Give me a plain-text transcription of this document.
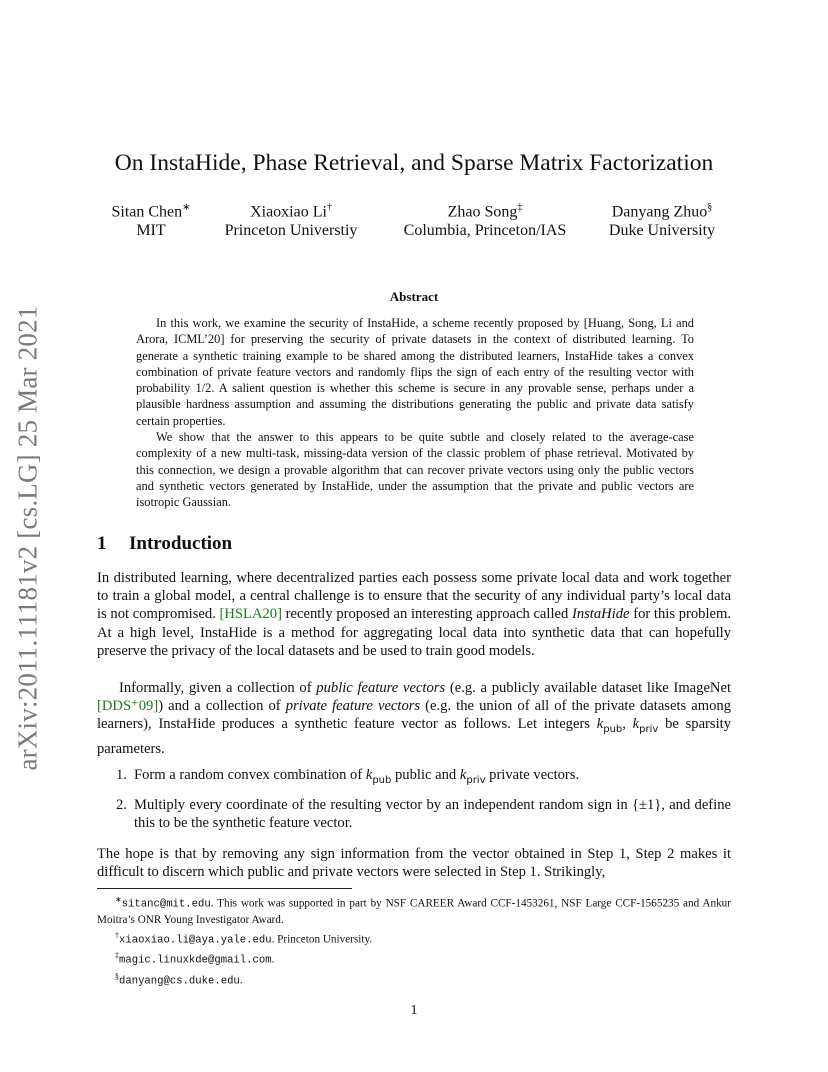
arXiv:2011.11181v2 [cs.LG] 25 Mar 2021
On InstaHide, Phase Retrieval, and Sparse Matrix Factorization
Sitan Chen∗
MIT
Xiaoxiao Li†
Princeton Universtiy
Zhao Song‡
Columbia, Princeton/IAS
Danyang Zhuo§
Duke University
Abstract

In this work, we examine the security of InstaHide, a scheme recently proposed by [Huang, Song, Li and Arora, ICML’20] for preserving the security of private datasets in the context of distributed learning. To generate a synthetic training example to be shared among the distributed learners, InstaHide takes a convex combination of private feature vectors and randomly flips the sign of each entry of the resulting vector with probability 1/2. A salient question is whether this scheme is secure in any provable sense, perhaps under a plausible hardness assumption and assuming the distributions generating the public and private data satisfy certain properties.

We show that the answer to this appears to be quite subtle and closely related to the average-case complexity of a new multi-task, missing-data version of the classic problem of phase retrieval. Motivated by this connection, we design a provable algorithm that can recover private vectors using only the public vectors and synthetic vectors generated by InstaHide, under the assumption that the private and public vectors are isotropic Gaussian.

1 Introduction

In distributed learning, where decentralized parties each possess some private local data and work together to train a global model, a central challenge is to ensure that the security of any individual party’s local data is not compromised. [HSLA20] recently proposed an interesting approach called InstaHide for this problem. At a high level, InstaHide is a method for aggregating local data into synthetic data that can hopefully preserve the privacy of the local datasets and be used to train good models.

Informally, given a collection of public feature vectors (e.g. a publicly available dataset like ImageNet [DDS⁺09]) and a collection of private feature vectors (e.g. the union of all of the private datasets among learners), InstaHide produces a synthetic feature vector as follows. Let integers $k_{pub}$, $k_{priv}$ be sparsity parameters.

1. Form a random convex combination of $k_{pub}$ public and $k_{priv}$ private vectors.
2. Multiply every coordinate of the resulting vector by an independent random sign in {±1}, and define this to be the synthetic feature vector.

The hope is that by removing any sign information from the vector obtained in Step 1, Step 2 makes it difficult to discern which public and private vectors were selected in Step 1. Strikingly,

∗sitanc@mit.edu. This work was supported in part by NSF CAREER Award CCF-1453261, NSF Large CCF-1565235 and Ankur Moitra’s ONR Young Investigator Award.

†xiaoxiao.li@aya.yale.edu. Princeton University.

‡magic.linuxkde@gmail.com.

§danyang@cs.duke.edu.

1
